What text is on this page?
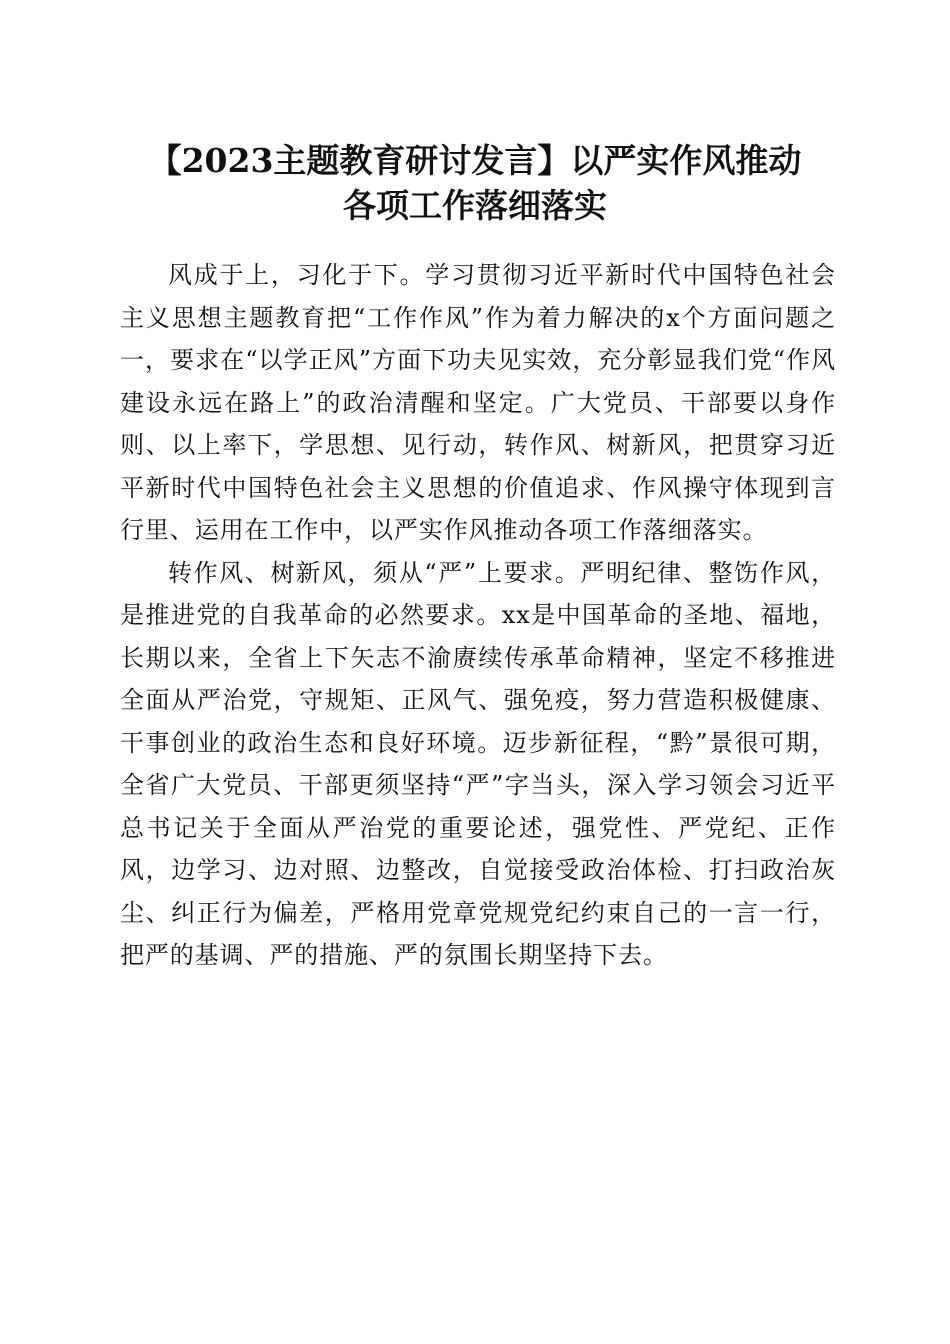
【2023主题教育研讨发言】以严实作风推动
各项工作落细落实

风成于上，习化于下。学习贯彻习近平新时代中国特色社会主义思想主题教育把“工作作风”作为着力解决的x个方面问题之一，要求在“以学正风”方面下功夫见实效，充分彰显我们党“作风建设永远在路上”的政治清醒和坚定。广大党员、干部要以身作则、以上率下，学思想、见行动，转作风、树新风，把贯穿习近平新时代中国特色社会主义思想的价值追求、作风操守体现到言行里、运用在工作中，以严实作风推动各项工作落细落实。

转作风、树新风，须从“严”上要求。严明纪律、整饬作风，是推进党的自我革命的必然要求。xx是中国革命的圣地、福地，长期以来，全省上下矢志不渝赓续传承革命精神，坚定不移推进全面从严治党，守规矩、正风气、强免疫，努力营造积极健康、干事创业的政治生态和良好环境。迈步新征程，“黔”景很可期，全省广大党员、干部更须坚持“严”字当头，深入学习领会习近平总书记关于全面从严治党的重要论述，强党性、严党纪、正作风，边学习、边对照、边整改，自觉接受政治体检、打扫政治灰尘、纠正行为偏差，严格用党章党规党纪约束自己的一言一行，把严的基调、严的措施、严的氛围长期坚持下去。
